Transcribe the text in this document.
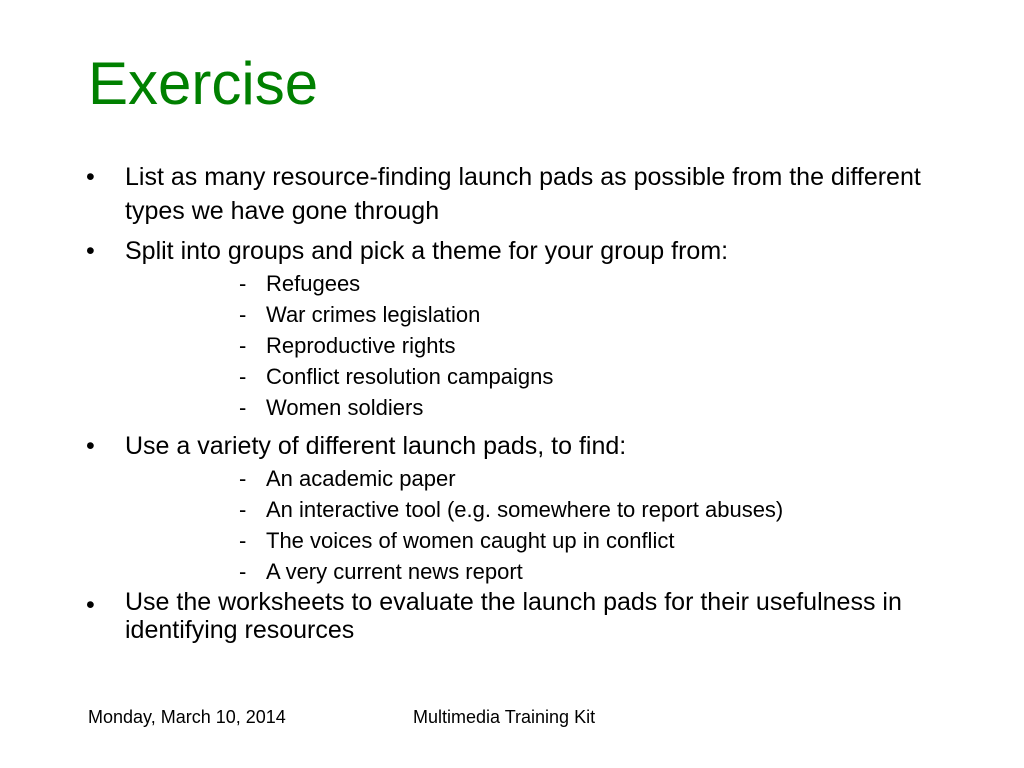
Exercise
• List as many resource-finding launch pads as possible from the different types we have gone through
• Split into groups and pick a theme for your group from:
- Refugees
- War crimes legislation
- Reproductive rights
- Conflict resolution campaigns
- Women soldiers
• Use a variety of different launch pads, to find:
- An academic paper
- An interactive tool (e.g. somewhere to report abuses)
- The voices of women caught up in conflict
- A very current news report
• Use the worksheets to evaluate the launch pads for their usefulness in identifying resources
Monday, March 10, 2014	Multimedia Training Kit
